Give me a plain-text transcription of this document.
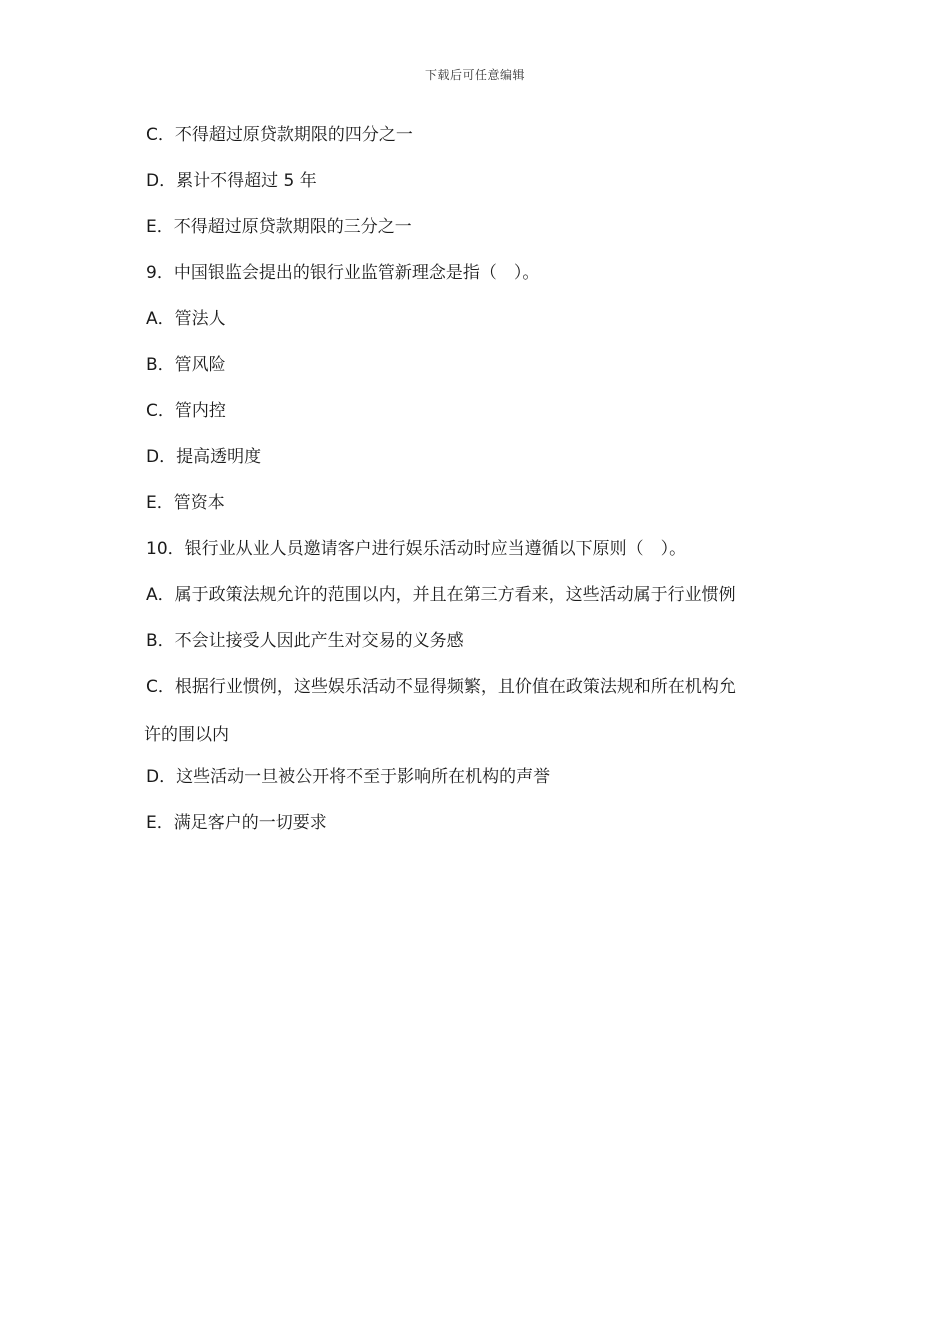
下载后可任意编辑
C．不得超过原贷款期限的四分之一
D．累计不得超过 5 年
E．不得超过原贷款期限的三分之一
9．中国银监会提出的银行业监管新理念是指（　）。
A．管法人
B．管风险
C．管内控
D．提高透明度
E．管资本
10．银行业从业人员邀请客户进行娱乐活动时应当遵循以下原则（　）。
A．属于政策法规允许的范围以内，并且在第三方看来，这些活动属于行业惯例
B．不会让接受人因此产生对交易的义务感
C．根据行业惯例，这些娱乐活动不显得频繁，且价值在政策法规和所在机构允
许的围以内
D．这些活动一旦被公开将不至于影响所在机构的声誉
E．满足客户的一切要求
